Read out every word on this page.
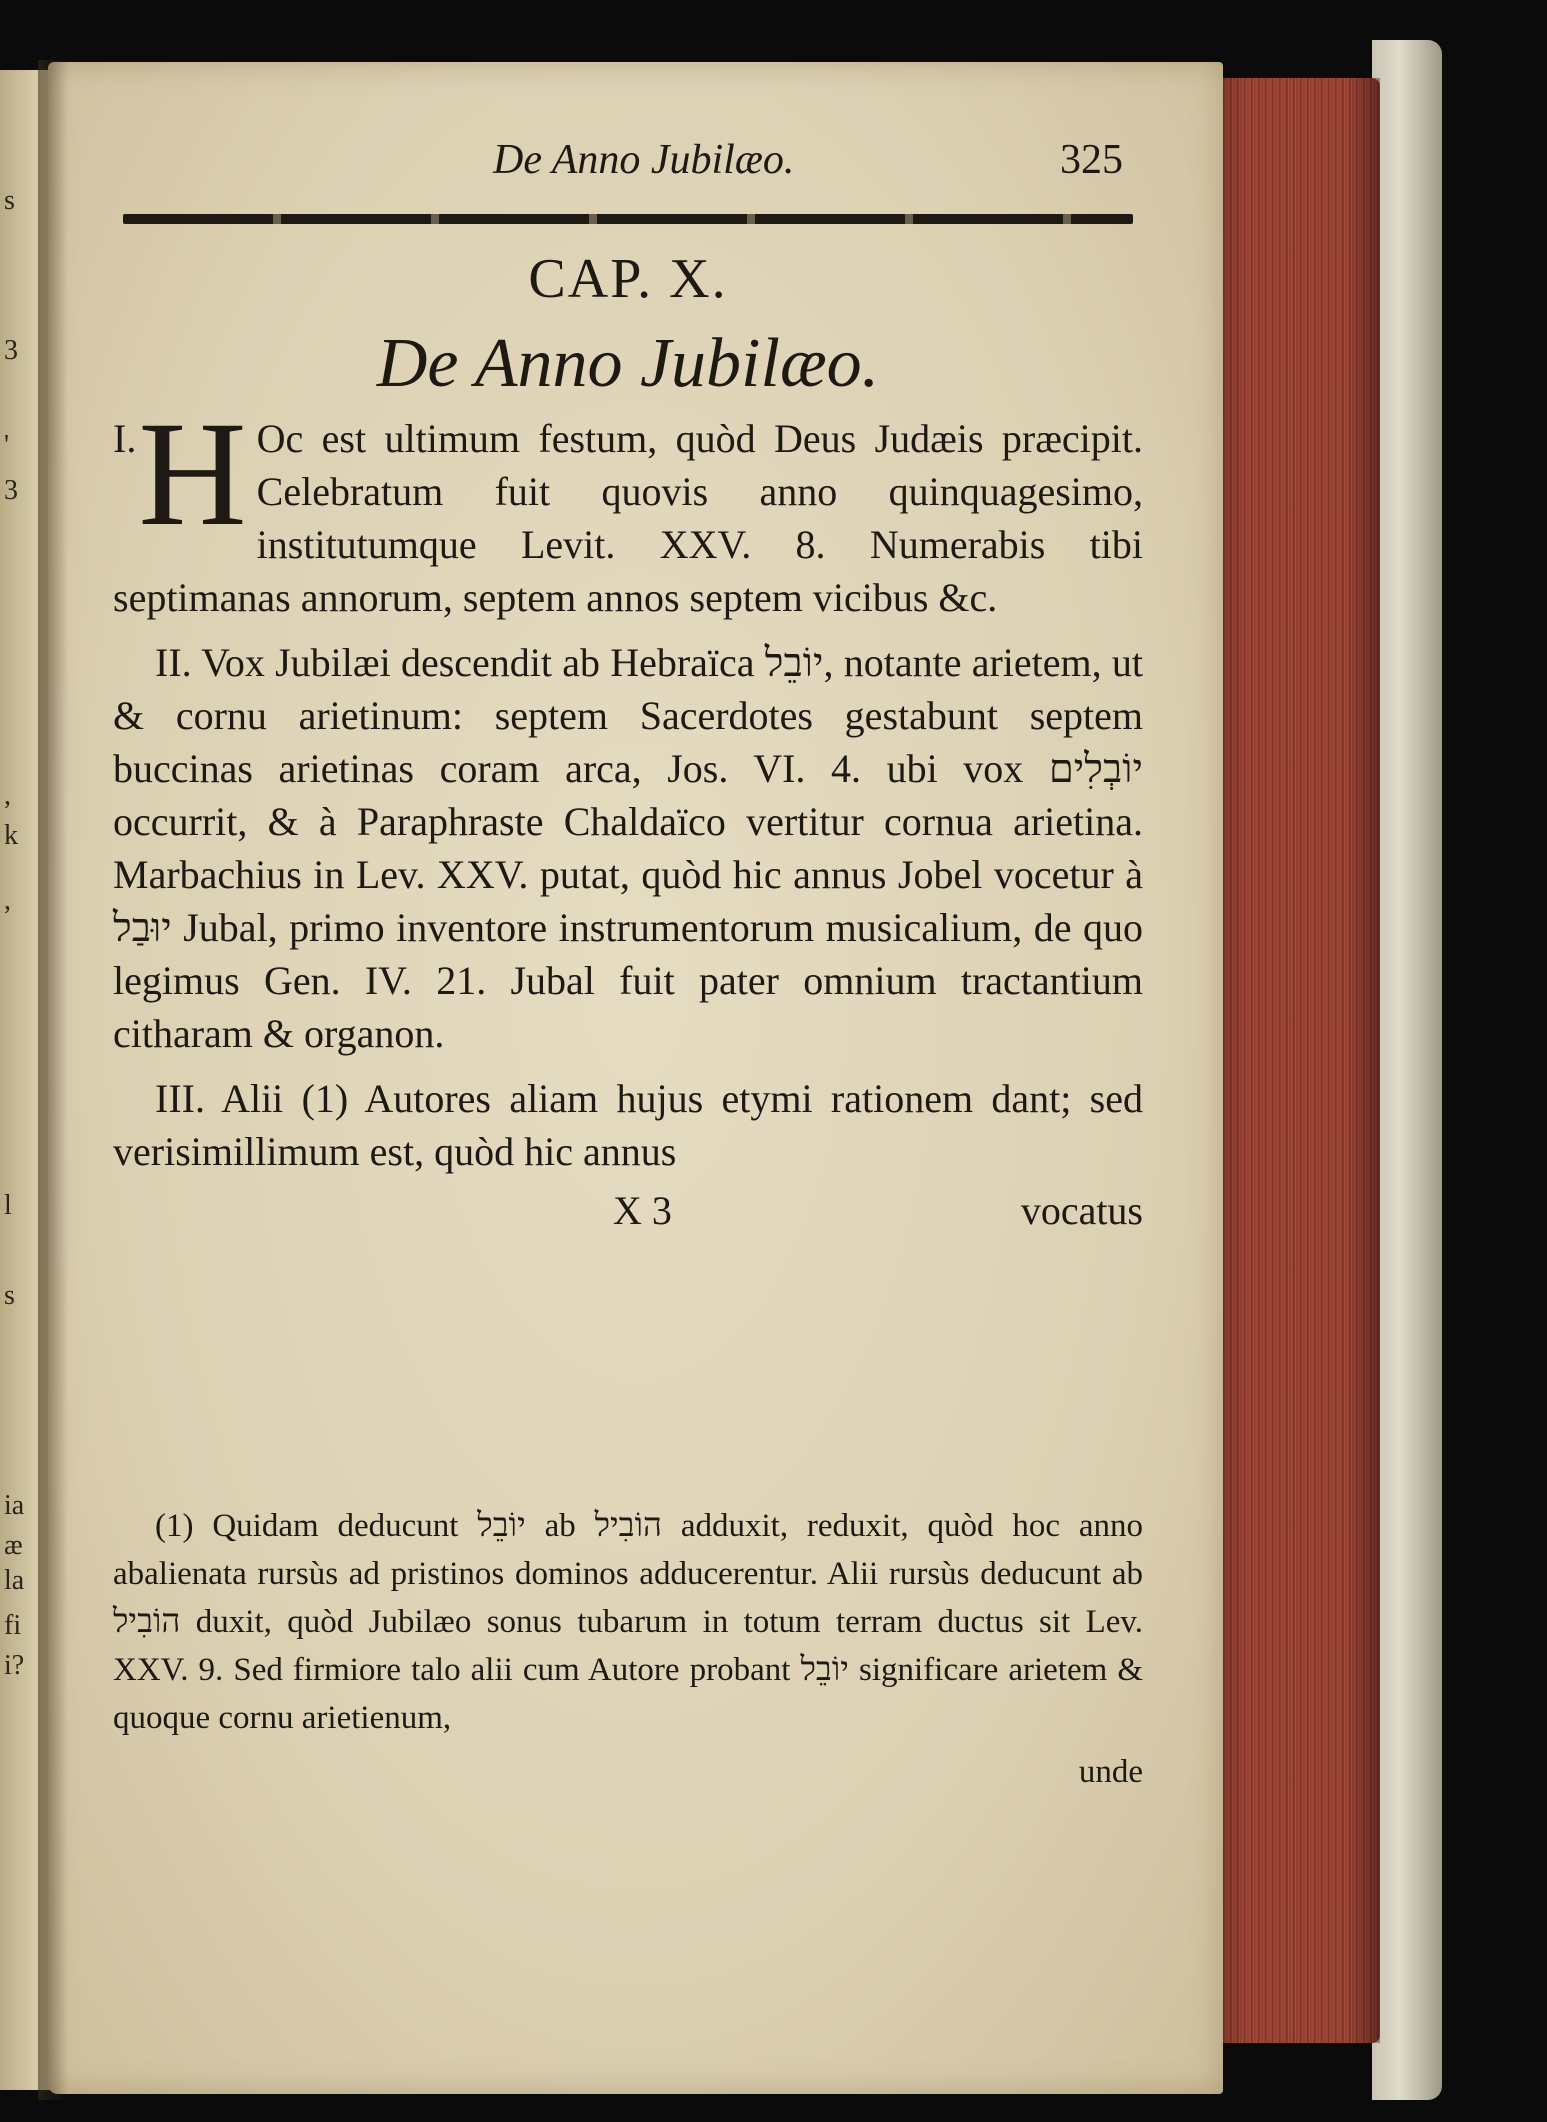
s
3
'
3
,
k
,
l
s
ia
fi
æ
la
i?
De Anno Jubilæo.	325
CAP. X.
De Anno Jubilæo.

I. H Oc est ultimum festum, quòd Deus Judæis præcipit. Celebratum fuit quovis anno quinquagesimo, institutumque Levit. XXV. 8. Numerabis tibi septimanas annorum, septem annos septem vicibus &c.

II. Vox Jubilæi descendit ab Hebraïca יוֹבֵל, notante arietem, ut & cornu arietinum: septem Sacerdotes gestabunt septem buccinas arietinas coram arca, Jos. VI. 4. ubi vox יוֹבְלִים occurrit, & à Paraphraste Chaldaïco vertitur cornua arietina. Marbachius in Lev. XXV. putat, quòd hic annus Jobel vocetur à יוּבַל Jubal, primo inventore instrumentorum musicalium, de quo legimus Gen. IV. 21. Jubal fuit pater omnium tractantium citharam & organon.

III. Alii (1) Autores aliam hujus etymi rationem dant; sed verisimillimum est, quòd hic annus

X 3	vocatus

(1) Quidam deducunt יוֹבֵל ab הוֹבִיל adduxit, reduxit, quòd hoc anno abalienata rursùs ad pristinos dominos adducerentur. Alii rursùs deducunt ab הוֹבִיל duxit, quòd Jubilæo sonus tubarum in totum terram ductus sit Lev. XXV. 9. Sed firmiore talo alii cum Autore probant יוֹבֵל significare arietem & quoque cornu arietienum,

unde
